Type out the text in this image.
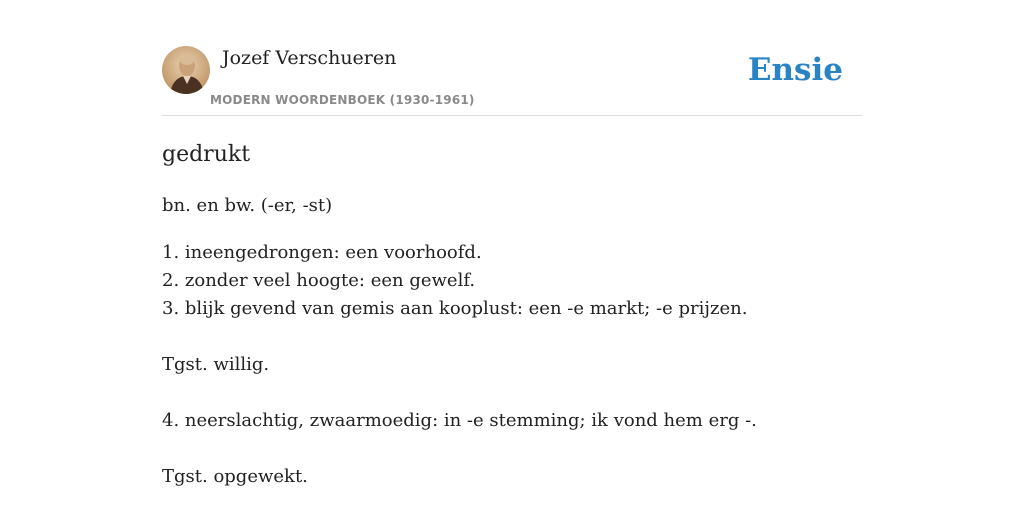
Jozef Verschueren
MODERN WOORDENBOEK (1930-1961)
Ensie
gedrukt
bn. en bw. (-er, -st)
1. ineengedrongen: een voorhoofd.
2. zonder veel hoogte: een gewelf.
3. blijk gevend van gemis aan kooplust: een -e markt; -e prijzen.
Tgst. willig.
4. neerslachtig, zwaarmoedig: in -e stemming; ik vond hem erg -.
Tgst. opgewekt.
